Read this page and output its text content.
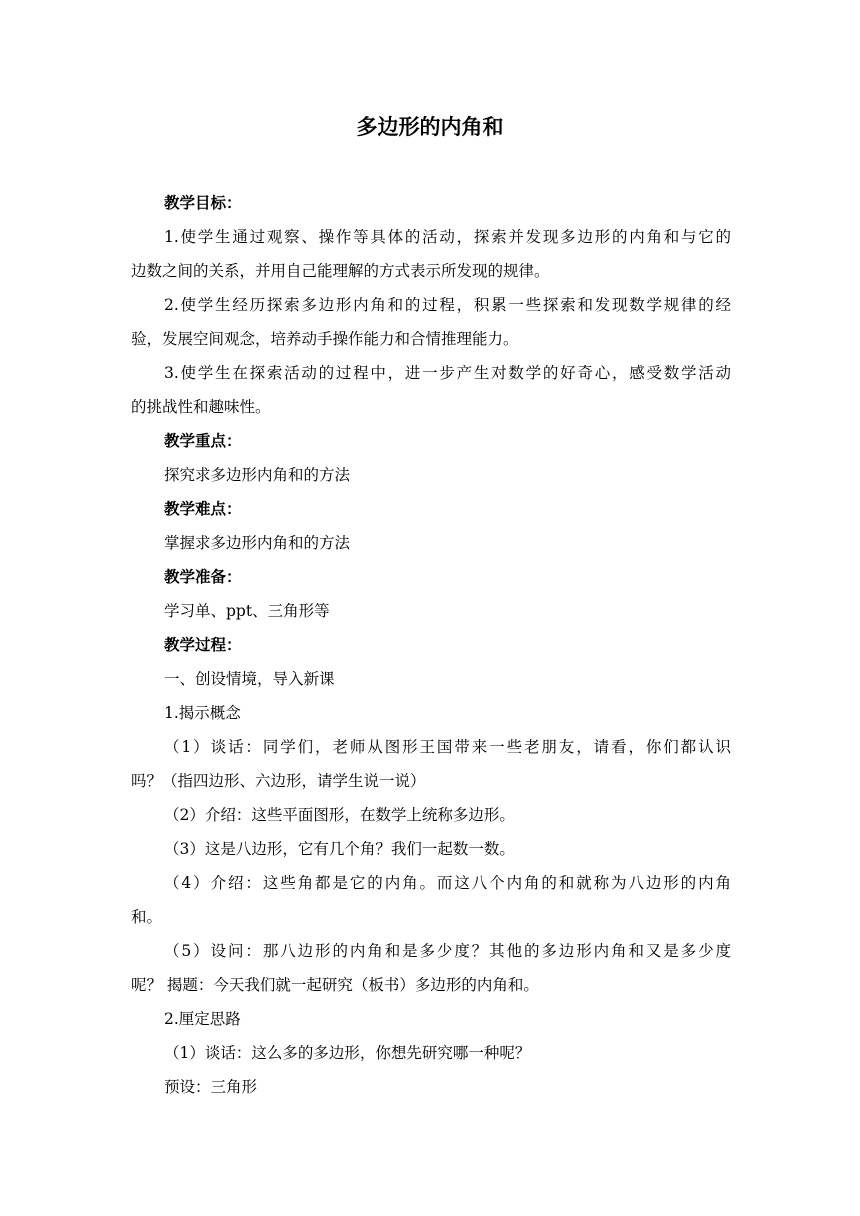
多边形的内角和

教学目标：

1.使学生通过观察、操作等具体的活动，探索并发现多边形的内角和与它的

边数之间的关系，并用自己能理解的方式表示所发现的规律。

2.使学生经历探索多边形内角和的过程，积累一些探索和发现数学规律的经

验，发展空间观念，培养动手操作能力和合情推理能力。

3.使学生在探索活动的过程中，进一步产生对数学的好奇心，感受数学活动

的挑战性和趣味性。

教学重点：

探究求多边形内角和的方法

教学难点：

掌握求多边形内角和的方法

教学准备：

学习单、ppt、三角形等

教学过程：

一、创设情境，导入新课

1.揭示概念

（1）谈话：同学们，老师从图形王国带来一些老朋友，请看，你们都认识

吗？（指四边形、六边形，请学生说一说）

（2）介绍：这些平面图形，在数学上统称多边形。

（3）这是八边形，它有几个角？我们一起数一数。

（4）介绍：这些角都是它的内角。而这八个内角的和就称为八边形的内角

和。

（5）设问：那八边形的内角和是多少度？其他的多边形内角和又是多少度

呢？ 揭题：今天我们就一起研究（板书）多边形的内角和。

2.厘定思路

（1）谈话：这么多的多边形，你想先研究哪一种呢？

预设：三角形
